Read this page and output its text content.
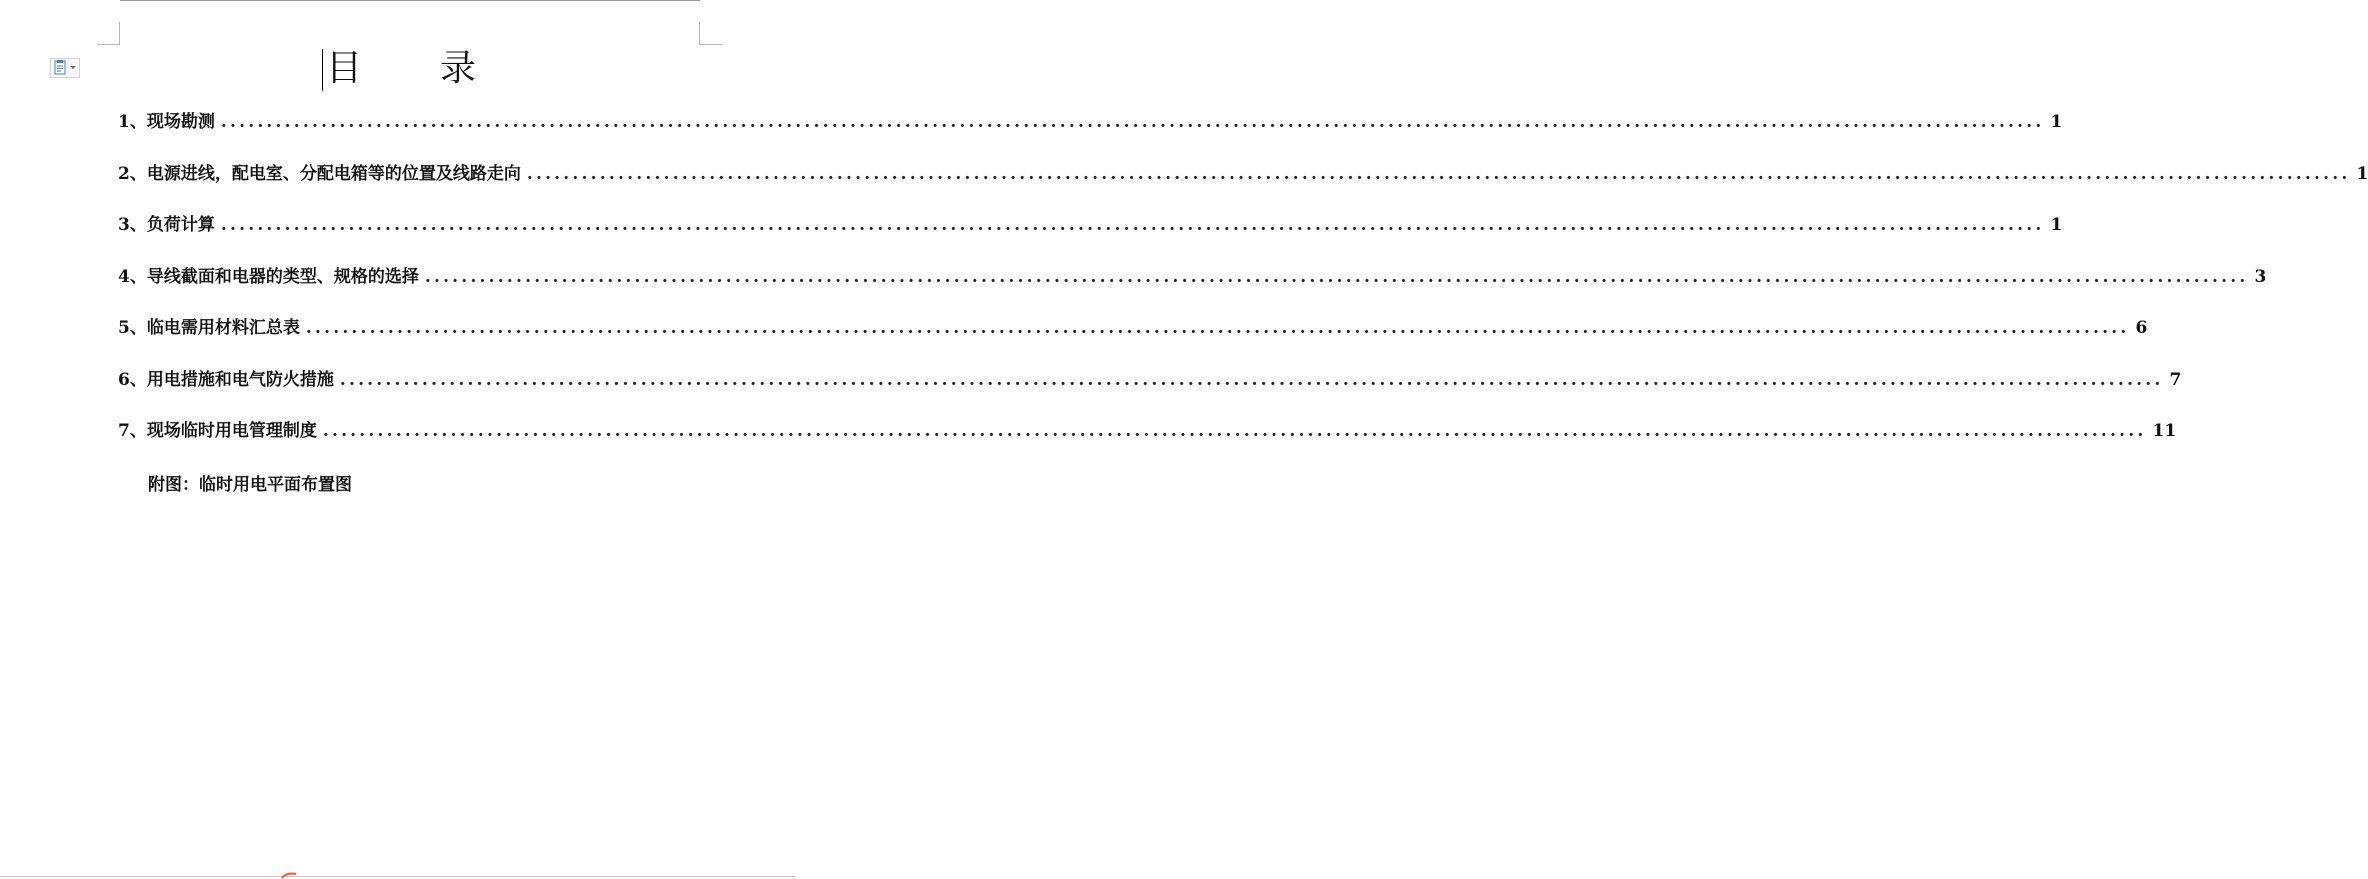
目　　录
1、现场勘测 ........................................................................................................................................................................................................ 1
2、电源进线，配电室、分配电箱等的位置及线路走向 ........................................................................................................................................................................................................ 1
3、负荷计算 ........................................................................................................................................................................................................ 1
4、导线截面和电器的类型、规格的选择 ........................................................................................................................................................................................................ 3
5、临电需用材料汇总表 ........................................................................................................................................................................................................ 6
6、用电措施和电气防火措施 ........................................................................................................................................................................................................ 7
7、现场临时用电管理制度 ........................................................................................................................................................................................................ 11
附图：临时用电平面布置图
